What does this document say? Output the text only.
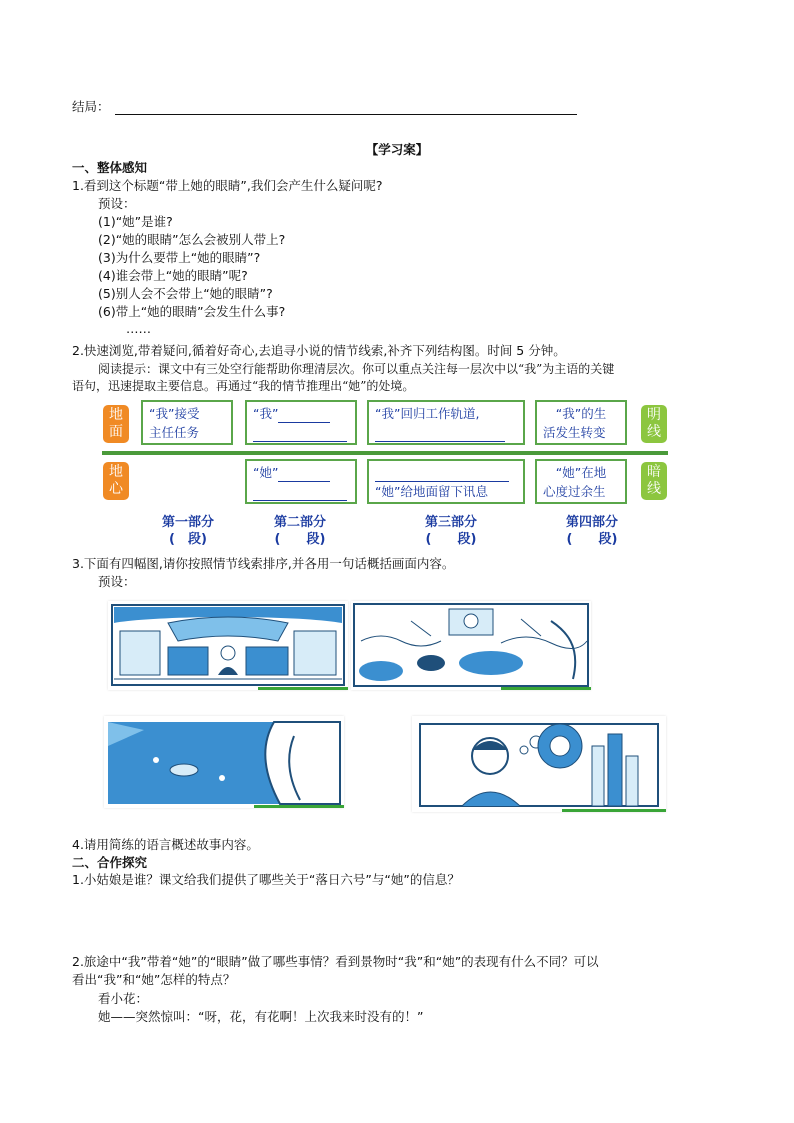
结局：
【学习案】
一、整体感知
1.看到这个标题“带上她的眼睛”,我们会产生什么疑问呢?
预设：
(1)“她”是谁?
(2)“她的眼睛”怎么会被别人带上?
(3)为什么要带上“她的眼睛”?
(4)谁会带上“她的眼睛”呢?
(5)别人会不会带上“她的眼睛”?
(6)带上“她的眼睛”会发生什么事?
……
2.快速浏览,带着疑问,循着好奇心,去追寻小说的情节线索,补齐下列结构图。时间 5 分钟。
阅读提示：课文中有三处空行能帮助你理清层次。你可以重点关注每一层次中以“我”为主语的关键
语句，迅速提取主要信息。再通过“我的情节推理出“她”的处境。
地面
地心
明线
暗线
“我”接受
主任任务
“我”	“我”回归工作轨道,	“我”的生
活发生转变
“她”
“她”给地面留下讯息
“她”在地
心度过余生
第一部分
(　段)
第二部分
(　　段)
第三部分
(　　段)
第四部分
(　　段)
3.下面有四幅图,请你按照情节线索排序,并各用一句话概括画面内容。
预设：
4.请用简练的语言概述故事内容。
二、合作探究
1.小姑娘是谁？课文给我们提供了哪些关于“落日六号”与“她”的信息？
2.旅途中“我”带着“她”的“眼睛”做了哪些事情？看到景物时“我”和“她”的表现有什么不同？可以
看出“我”和“她”怎样的特点？
看小花：
她——突然惊叫：“呀，花，有花啊！上次我来时没有的！”
